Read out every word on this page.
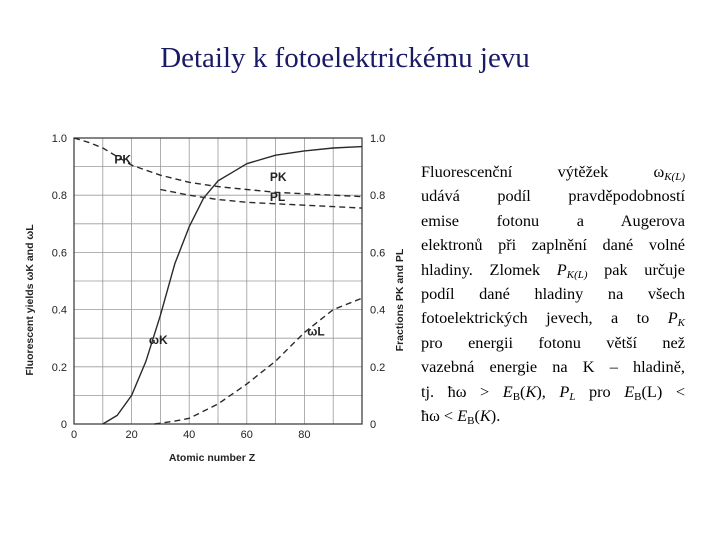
Detaily k fotoelektrickému jevu
0	20	40	60	80
0
0.2
0.4
0.6
0.8
1.0
0
0.2
0.4
0.6
0.8
1.0
PK
PK
PL
ωK
ωL
Atomic number Z
Fluorescent yields ωK and ωL	Fractions PK and PL
Fluorescenční výtěžek $\omega_{K(L)}$
udává podíl pravděpodobností
emise fotonu a Augerova
elektronů při zaplnění dané volné
hladiny. Zlomek $P_{K(L)}$ pak určuje
podíl dané hladiny na všech
fotoelektrických jevech, a to $P_K$
pro energii fotonu větší než
vazebná energie na K – hladině,
tj. ħω > $E_B(K)$, $P_L$ pro $E_B(L)$ <
ħω < $E_B(K)$.
